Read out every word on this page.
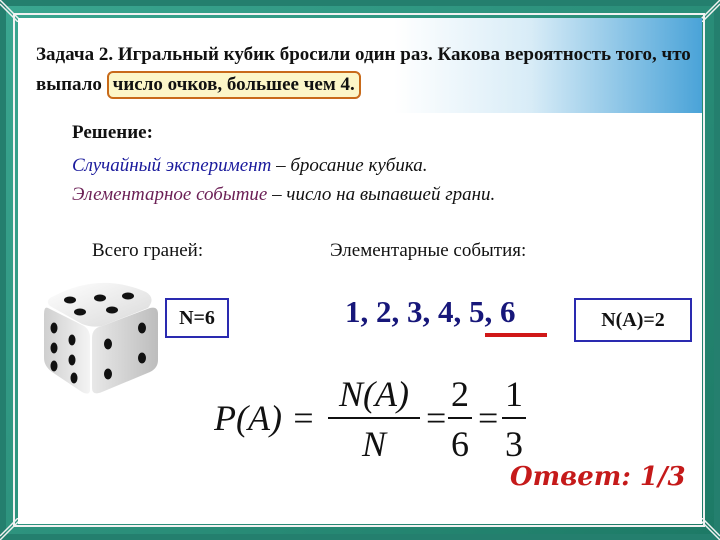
Задача 2. Игральный кубик бросили один раз. Какова вероятность того, что выпало число очков, большее чем 4.
Решение:
Случайный эксперимент – бросание кубика.
Элементарное событие – число на выпавшей грани.
Всего граней:	Элементарные события:
N=6	1, 2, 3, 4, 5, 6	N(A)=2
P(A) =
N(A)
N
=
2
6
=
1
3
Ответ: 1/3
